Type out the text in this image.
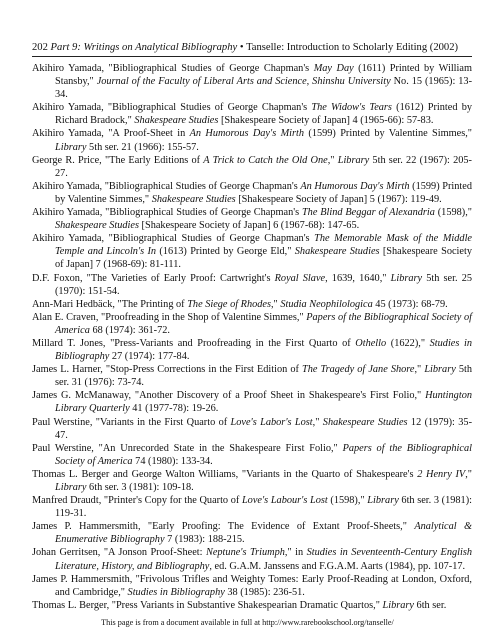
202 Part 9: Writings on Analytical Bibliography • Tanselle: Introduction to Scholarly Editing (2002)
Akihiro Yamada, "Bibliographical Studies of George Chapman's May Day (1611) Printed by William Stansby," Journal of the Faculty of Liberal Arts and Science, Shinshu University No. 15 (1965): 13-34.
Akihiro Yamada, "Bibliographical Studies of George Chapman's The Widow's Tears (1612) Printed by Richard Bradock," Shakespeare Studies [Shakespeare Society of Japan] 4 (1965-66): 57-83.
Akihiro Yamada, "A Proof-Sheet in An Humorous Day's Mirth (1599) Printed by Valentine Simmes," Library 5th ser. 21 (1966): 155-57.
George R. Price, "The Early Editions of A Trick to Catch the Old One," Library 5th ser. 22 (1967): 205-27.
Akihiro Yamada, "Bibliographical Studies of George Chapman's An Humorous Day's Mirth (1599) Printed by Valentine Simmes," Shakespeare Studies [Shakespeare Society of Japan] 5 (1967): 119-49.
Akihiro Yamada, "Bibliographical Studies of George Chapman's The Blind Beggar of Alexandria (1598)," Shakespeare Studies [Shakespeare Society of Japan] 6 (1967-68): 147-65.
Akihiro Yamada, "Bibliographical Studies of George Chapman's The Memorable Mask of the Middle Temple and Lincoln's In (1613) Printed by George Eld," Shakespeare Studies [Shakespeare Society of Japan] 7 (1968-69): 81-111.
D.F. Foxon, "The Varieties of Early Proof: Cartwright's Royal Slave, 1639, 1640," Library 5th ser. 25 (1970): 151-54.
Ann-Mari Hedbäck, "The Printing of The Siege of Rhodes," Studia Neophilologica 45 (1973): 68-79.
Alan E. Craven, "Proofreading in the Shop of Valentine Simmes," Papers of the Bibliographical Society of America 68 (1974): 361-72.
Millard T. Jones, "Press-Variants and Proofreading in the First Quarto of Othello (1622)," Studies in Bibliography 27 (1974): 177-84.
James L. Harner, "Stop-Press Corrections in the First Edition of The Tragedy of Jane Shore," Library 5th ser. 31 (1976): 73-74.
James G. McManaway, "Another Discovery of a Proof Sheet in Shakespeare's First Folio," Huntington Library Quarterly 41 (1977-78): 19-26.
Paul Werstine, "Variants in the First Quarto of Love's Labor's Lost," Shakespeare Studies 12 (1979): 35-47.
Paul Werstine, "An Unrecorded State in the Shakespeare First Folio," Papers of the Bibliographical Society of America 74 (1980): 133-34.
Thomas L. Berger and George Walton Williams, "Variants in the Quarto of Shakespeare's 2 Henry IV," Library 6th ser. 3 (1981): 109-18.
Manfred Draudt, "Printer's Copy for the Quarto of Love's Labour's Lost (1598)," Library 6th ser. 3 (1981): 119-31.
James P. Hammersmith, "Early Proofing: The Evidence of Extant Proof-Sheets," Analytical & Enumerative Bibliography 7 (1983): 188-215.
Johan Gerritsen, "A Jonson Proof-Sheet: Neptune's Triumph," in Studies in Seventeenth-Century English Literature, History, and Bibliography, ed. G.A.M. Janssens and F.G.A.M. Aarts (1984), pp. 107-17.
James P. Hammersmith, "Frivolous Trifles and Weighty Tomes: Early Proof-Reading at London, Oxford, and Cambridge," Studies in Bibliography 38 (1985): 236-51.
Thomas L. Berger, "Press Variants in Substantive Shakespearian Dramatic Quartos," Library 6th ser.
This page is from a document available in full at http://www.rarebookschool.org/tanselle/
